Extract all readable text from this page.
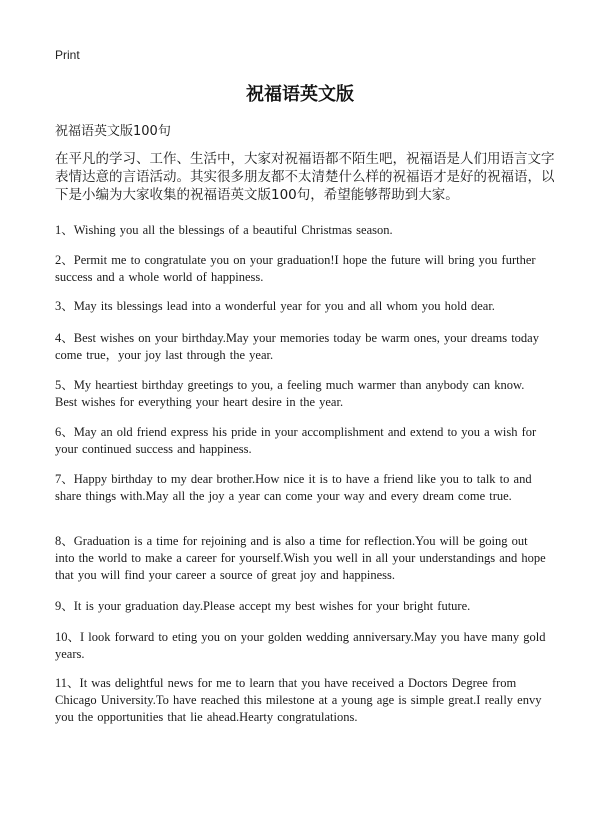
Print
祝福语英文版
祝福语英文版100句

在平凡的学习、工作、生活中，大家对祝福语都不陌生吧，祝福语是人们用语言文字表情达意的言语活动。其实很多朋友都不太清楚什么样的祝福语才是好的祝福语，以下是小编为大家收集的祝福语英文版100句，希望能够帮助到大家。

1、Wishing you all the blessings of a beautiful Christmas season.

2、Permit me to congratulate you on your graduation!I hope the future will bring you further success and a whole world of happiness.

3、May its blessings lead into a wonderful year for you and all whom you hold dear.

4、Best wishes on your birthday.May your memories today be warm ones, your dreams today come true，your joy last through the year.

5、My heartiest birthday greetings to you, a feeling much warmer than anybody can know. Best wishes for everything your heart desire in the year.

6、May an old friend express his pride in your accomplishment and extend to you a wish for your continued success and happiness.

7、Happy birthday to my dear brother.How nice it is to have a friend like you to talk to and share things with.May all the joy a year can come your way and every dream come true.

8、Graduation is a time for rejoining and is also a time for reflection.You will be going out into the world to make a career for yourself.Wish you well in all your understandings and hope that you will find your career a source of great joy and happiness.

9、It is your graduation day.Please accept my best wishes for your bright future.

10、I look forward to eting you on your golden wedding anniversary.May you have many gold years.

11、It was delightful news for me to learn that you have received a Doctors Degree from Chicago University.To have reached this milestone at a young age is simple great.I really envy you the opportunities that lie ahead.Hearty congratulations.
